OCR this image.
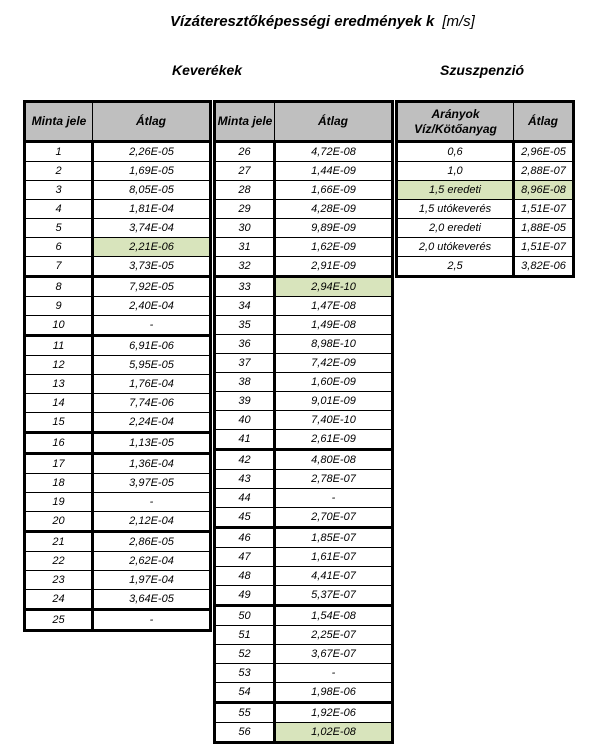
Vízáteresztőképességi eredmények k [m/s]
Keverékek	Szuszpenzió
Minta jele	Átlag
1	2,26E-05
2	1,69E-05
3	8,05E-05
4	1,81E-04
5	3,74E-04
6	2,21E-06
7	3,73E-05
8	7,92E-05
9	2,40E-04
10	-
11	6,91E-06
12	5,95E-05
13	1,76E-04
14	7,74E-06
15	2,24E-04
16	1,13E-05
17	1,36E-04
18	3,97E-05
19	-
20	2,12E-04
21	2,86E-05
22	2,62E-04
23	1,97E-04
24	3,64E-05
25	-
Minta jele	Átlag
26	4,72E-08
27	1,44E-09
28	1,66E-09
29	4,28E-09
30	9,89E-09
31	1,62E-09
32	2,91E-09
33	2,94E-10
34	1,47E-08
35	1,49E-08
36	8,98E-10
37	7,42E-09
38	1,60E-09
39	9,01E-09
40	7,40E-10
41	2,61E-09
42	4,80E-08
43	2,78E-07
44	-
45	2,70E-07
46	1,85E-07
47	1,61E-07
48	4,41E-07
49	5,37E-07
50	1,54E-08
51	2,25E-07
52	3,67E-07
53	-
54	1,98E-06
55	1,92E-06
56	1,02E-08
Arányok Víz/Kötőanyag	Átlag
0,6	2,96E-05
1,0	2,88E-07
1,5 eredeti	8,96E-08
1,5 utókeverés	1,51E-07
2,0 eredeti	1,88E-05
2,0 utókeverés	1,51E-07
2,5	3,82E-06
